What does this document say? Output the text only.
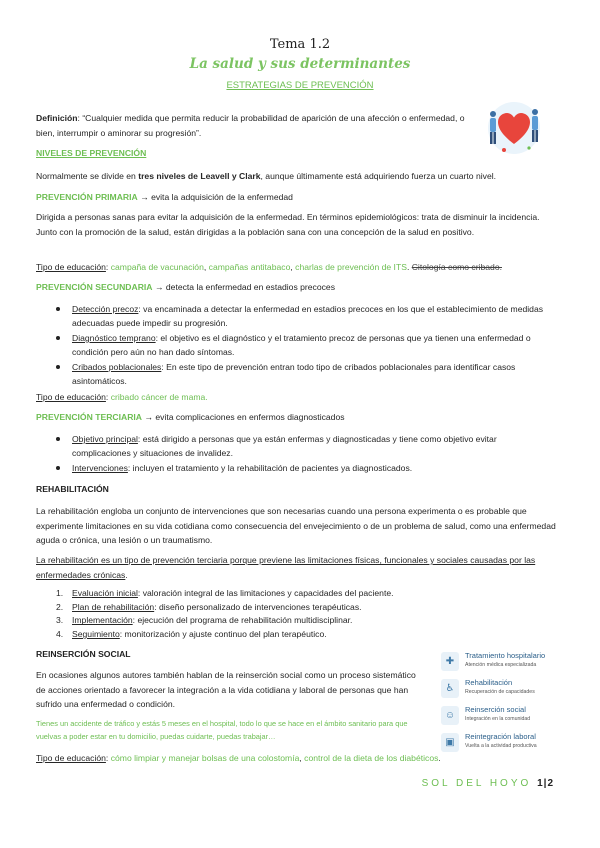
Tema 1.2
La salud y sus determinantes
ESTRATEGIAS DE PREVENCIÓN
Definición: “Cualquier medida que permita reducir la probabilidad de aparición de una afección o enfermedad, o bien, interrumpir o aminorar su progresión”.
NIVELES DE PREVENCIÓN
Normalmente se divide en tres niveles de Leavell y Clark, aunque últimamente está adquiriendo fuerza un cuarto nivel.
PREVENCIÓN PRIMARIA → evita la adquisición de la enfermedad
Dirigida a personas sanas para evitar la adquisición de la enfermedad. En términos epidemiológicos: trata de disminuir la incidencia. Junto con la promoción de la salud, están dirigidas a la población sana con una concepción de la salud en positivo.
Tipo de educación: campaña de vacunación, campañas antitabaco, charlas de prevención de ITS. Citología como cribado.
PREVENCIÓN SECUNDARIA → detecta la enfermedad en estadios precoces
Detección precoz: va encaminada a detectar la enfermedad en estadios precoces en los que el establecimiento de medidas adecuadas puede impedir su progresión.
Diagnóstico temprano: el objetivo es el diagnóstico y el tratamiento precoz de personas que ya tienen una enfermedad o condición pero aún no han dado síntomas.
Cribados poblacionales: En este tipo de prevención entran todo tipo de cribados poblacionales para identificar casos asintomáticos.
Tipo de educación: cribado cáncer de mama.
PREVENCIÓN TERCIARIA → evita complicaciones en enfermos diagnosticados
Objetivo principal: está dirigido a personas que ya están enfermas y diagnosticadas y tiene como objetivo evitar complicaciones y situaciones de invalidez.
Intervenciones: incluyen el tratamiento y la rehabilitación de pacientes ya diagnosticados.
REHABILITACIÓN
La rehabilitación engloba un conjunto de intervenciones que son necesarias cuando una persona experimenta o es probable que experimente limitaciones en su vida cotidiana como consecuencia del envejecimiento o de un problema de salud, como una enfermedad aguda o crónica, una lesión o un traumatismo.
La rehabilitación es un tipo de prevención terciaria porque previene las limitaciones físicas, funcionales y sociales causadas por las enfermedades crónicas.
1. Evaluación inicial: valoración integral de las limitaciones y capacidades del paciente.
2. Plan de rehabilitación: diseño personalizado de intervenciones terapéuticas.
3. Implementación: ejecución del programa de rehabilitación multidisciplinar.
4. Seguimiento: monitorización y ajuste continuo del plan terapéutico.
REINSERCIÓN SOCIAL
En ocasiones algunos autores también hablan de la reinserción social como un proceso sistemático de acciones orientado a favorecer la integración a la vida cotidiana y laboral de personas que han sufrido una enfermedad o condición.
Tienes un accidente de tráfico y estás 5 meses en el hospital, todo lo que se hace en el ámbito sanitario para que vuelvas a poder estar en tu domicilio, puedas cuidarte, puedas trabajar…
Tipo de educación: cómo limpiar y manejar bolsas de una colostomía, control de la dieta de los diabéticos.
✚
Tratamiento hospitalario
Atención médica especializada
♿
Rehabilitación
Recuperación de capacidades
☺
Reinserción social
Integración en la comunidad
▣
Reintegración laboral
Vuelta a la actividad productiva
SOL DEL HOYO 1|2
